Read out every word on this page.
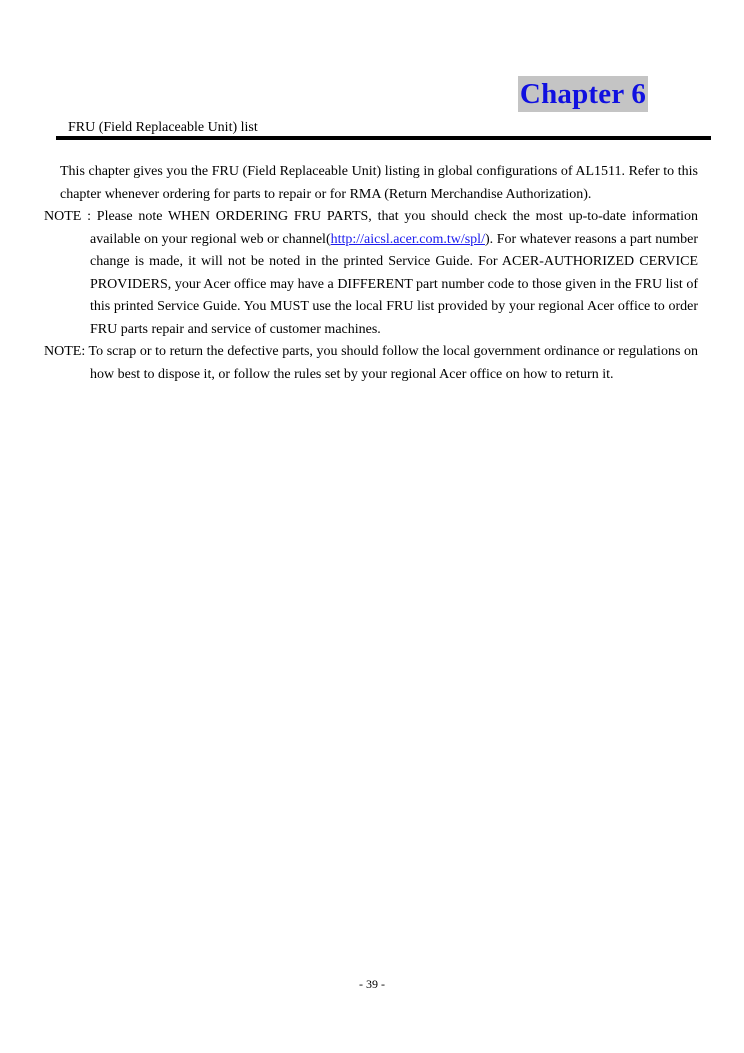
Chapter 6
FRU (Field Replaceable Unit) list

This chapter gives you the FRU (Field Replaceable Unit) listing in global configurations of AL1511. Refer to this chapter whenever ordering for parts to repair or for RMA (Return Merchandise Authorization).

NOTE : Please note WHEN ORDERING FRU PARTS, that you should check the most up-to-date information available on your regional web or channel(http://aicsl.acer.com.tw/spl/). For whatever reasons a part number change is made, it will not be noted in the printed Service Guide. For ACER-AUTHORIZED CERVICE PROVIDERS, your Acer office may have a DIFFERENT part number code to those given in the FRU list of this printed Service Guide. You MUST use the local FRU list provided by your regional Acer office to order FRU parts repair and service of customer machines.

NOTE: To scrap or to return the defective parts, you should follow the local government ordinance or regulations on how best to dispose it, or follow the rules set by your regional Acer office on how to return it.

- 39 -
